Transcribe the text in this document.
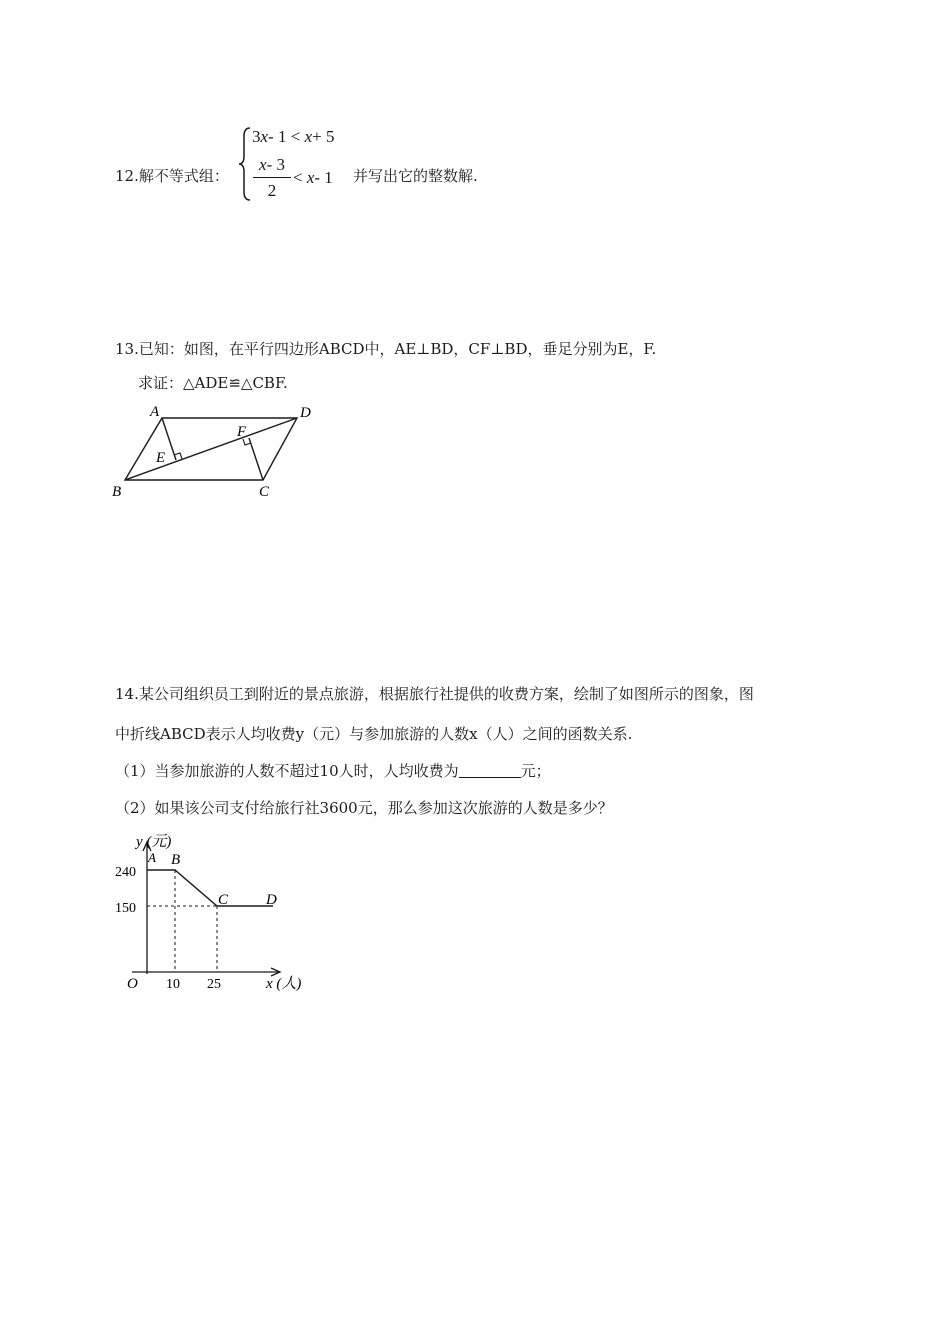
12.解不等式组：
3x- 1 < x+ 5
x- 3
2
< x- 1 并写出它的整数解.
13.已知：如图，在平行四边形ABCD中，AE⊥BD，CF⊥BD，垂足分别为E，F.
求证：△ADE≌△CBF.
A	D
B	C
E
F
14.某公司组织员工到附近的景点旅游，根据旅行社提供的收费方案，绘制了如图所示的图象，图
中折线ABCD表示人均收费y（元）与参加旅游的人数x（人）之间的函数关系.
（1）当参加旅游的人数不超过10人时，人均收费为	元；
（2）如果该公司支付给旅行社3600元，那么参加这次旅游的人数是多少？
y (元)
A B
C	D
240
150
O 10 25	x (人)
